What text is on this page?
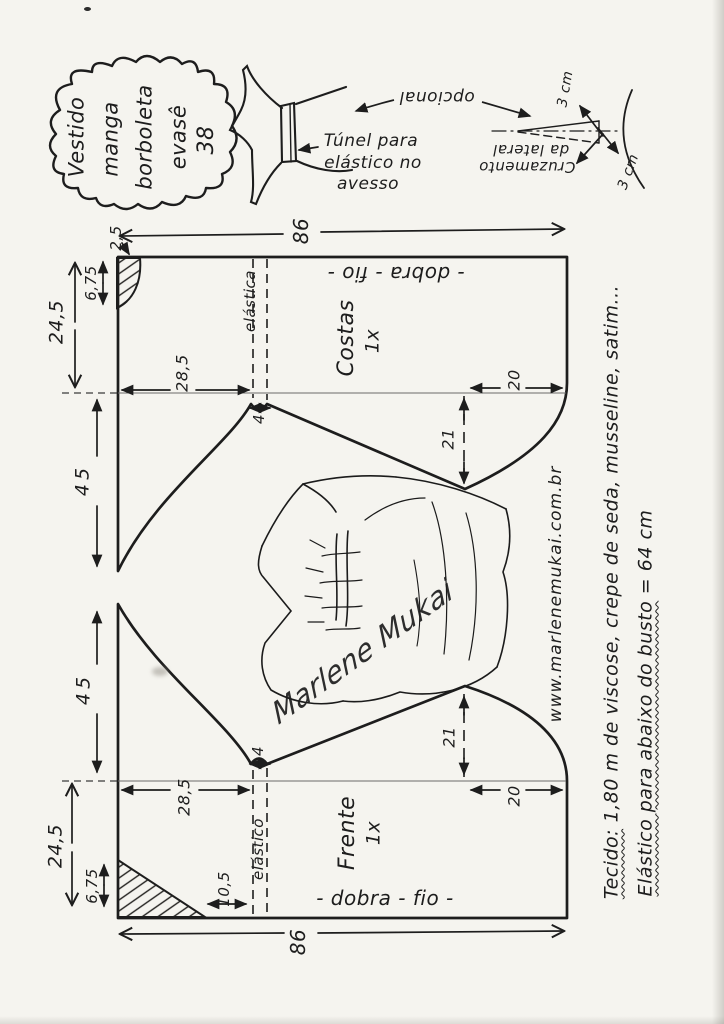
Vestido manga borboleta evasê 38	Túnel para
elástico no
avesso
opcional
Cruzamento
da lateral
3 cm
3 cm
86
2,5
6,75
24,5
28,5
4
45
21
20
- dobra - fio -
elástica	Costas 1x
28,5
24,5
6,75	10,5
45
4
21
20
86
- dobra - fio -
elástico	Frente 1x
Marlene Mukai	www.marlenemukai.com.br
Tecido: 1,80 m de viscose, crepe de seda, musseline, satim... Elástico para abaixo do busto = 64 cm
